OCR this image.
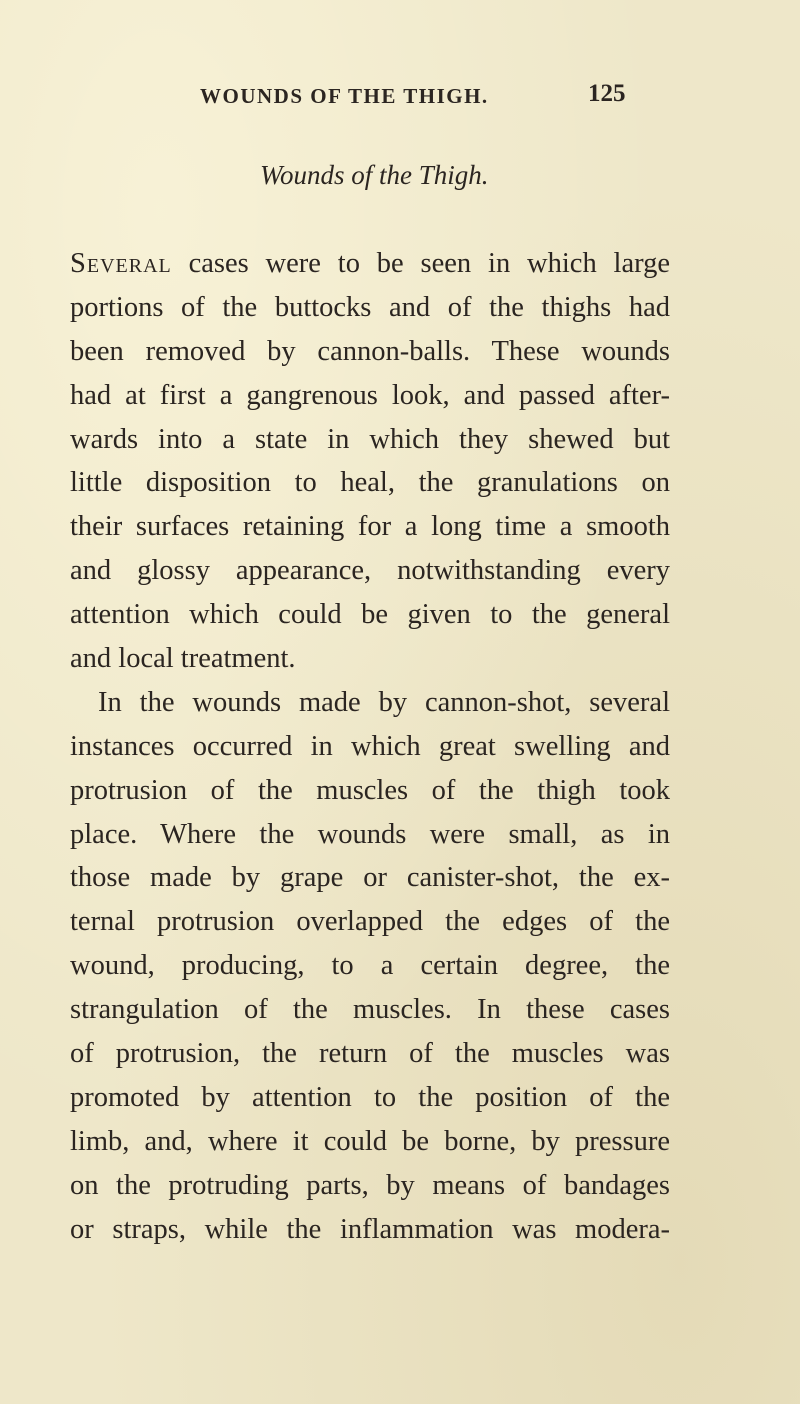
WOUNDS OF THE THIGH.	125
Wounds of the Thigh.
Several cases were to be seen in which large
portions of the buttocks and of the thighs had
been removed by cannon-balls. These wounds
had at first a gangrenous look, and passed after-
wards into a state in which they shewed but
little disposition to heal, the granulations on
their surfaces retaining for a long time a smooth
and glossy appearance, notwithstanding every
attention which could be given to the general
and local treatment.
In the wounds made by cannon-shot, several
instances occurred in which great swelling and
protrusion of the muscles of the thigh took
place. Where the wounds were small, as in
those made by grape or canister-shot, the ex-
ternal protrusion overlapped the edges of the
wound, producing, to a certain degree, the
strangulation of the muscles. In these cases
of protrusion, the return of the muscles was
promoted by attention to the position of the
limb, and, where it could be borne, by pressure
on the protruding parts, by means of bandages
or straps, while the inflammation was modera-
